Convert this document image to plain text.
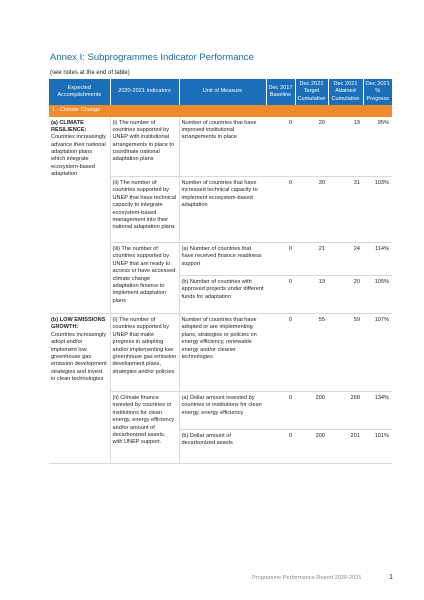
Annex I: Subprogrammes Indicator Performance
(see notes at the end of table)
Expected Accomplishments	2020-2021 Indicators	Unit of Measure	Dec 2017 Baseline	Dec 2021 Target Cumulative	Dec 2021 Attained Cumulative	Dec 2021 % Progress
1 - Climate Change						

(a) CLIMATE RESILIENCE:
Countries increasingly advance their national adaptation plans which integrate ecosystem-based adaptation	(i) The number of countries supported by UNEP with institutional arrangements in place to coordinate national adaptation plans	Number of countries that have improved institutional arrangements in place	0	20	19	95%
	(ii) The number of countries supported by UNEP that have technical capacity to integrate ecosystem-based management into their national adaptation plans	Number of countries that have increased technical capacity to implement ecosystem-based adaptation	0	30	31	103%
	(iii) The number of countries supported by UNEP that are ready to access or have accessed climate change adaptation finance to implement adaptation plans	(a) Number of countries that have received finance readiness support	0	21	24	114%
		(b) Number of countries with approved projects under different funds for adaptation	0	19	20	105%

(b) LOW EMISSIONS GROWTH:
Countries increasingly adopt and/or implement low greenhouse gas emission development strategies and invest in clean technologies	(i) The number of countries supported by UNEP that make progress in adopting and/or implementing low greenhouse gas emission development plans, strategies and/or policies	Number of countries that have adopted or are implementing plans, strategies or policies on energy efficiency, renewable energy and/or cleaner technologies	0	55	59	107%
	(ii) Climate finance invested by countries or institutions for clean energy, energy efficiency and/or amount of decarbonized assets, with UNEP support.	(a) Dollar amount invested by countries or institutions for clean energy, energy efficiency	0	200	268	134%
		(b) Dollar amount of decarbonized assets	0	200	201	101%
Programme Performance Report 2020-2021	1
